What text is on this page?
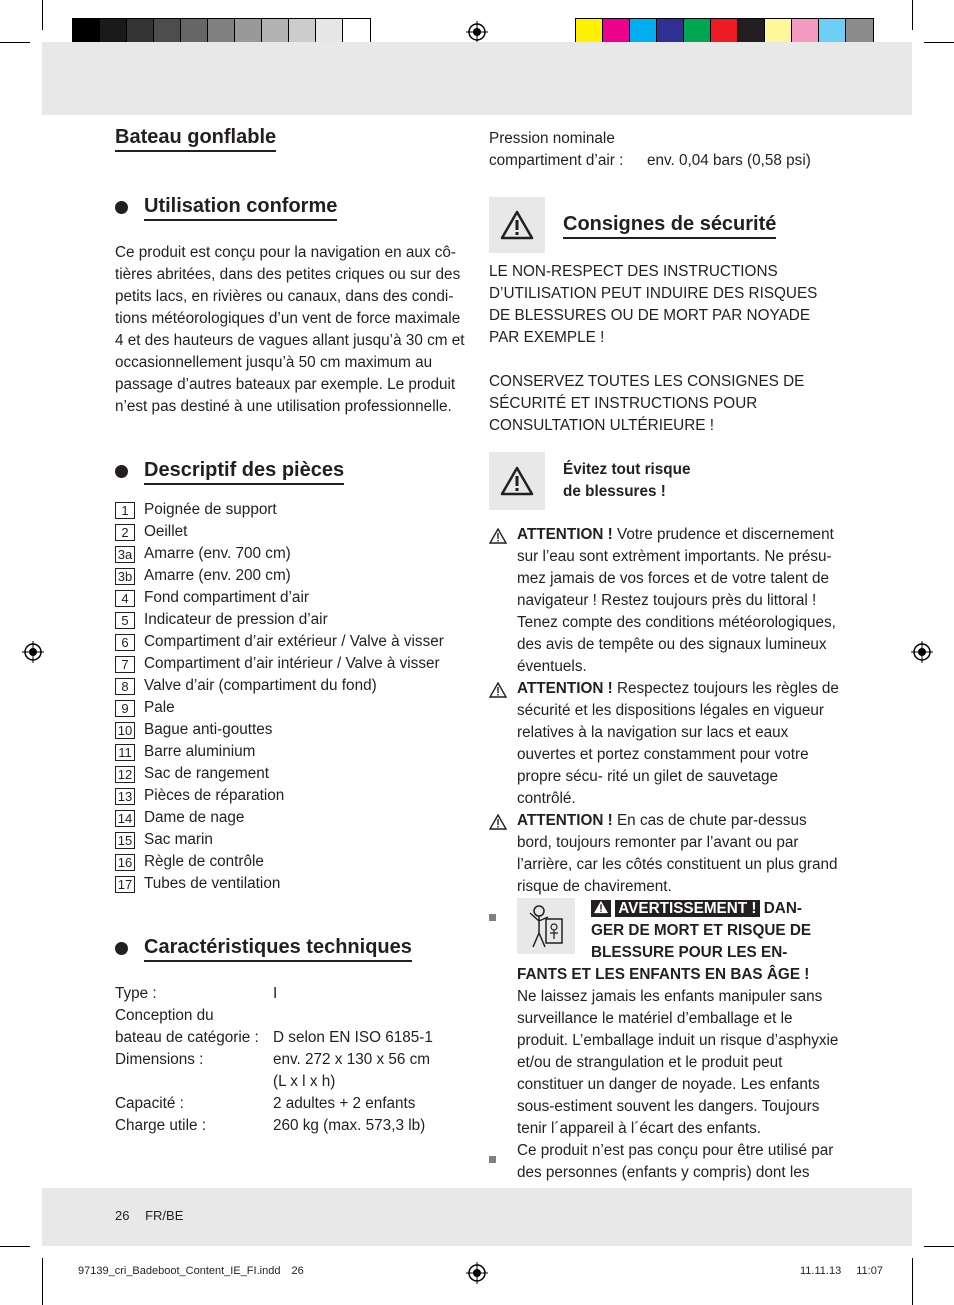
Bateau gonflable
Utilisation conforme

Ce produit est conçu pour la navigation en aux cô- tières abritées, dans des petites criques ou sur des petits lacs, en rivières ou canaux, dans des condi- tions météorologiques d’un vent de force maximale 4 et des hauteurs de vagues allant jusqu’à 30 cm et occasionnellement jusqu’à 50 cm maximum au passage d’autres bateaux par exemple. Le produit n’est pas destiné à une utilisation professionnelle.

Descriptif des pièces
1	Poignée de support
2	Oeillet
3a Amarre (env. 700 cm)
3b Amarre (env. 200 cm)
4	Fond compartiment d’air
5	Indicateur de pression d’air
6	Compartiment d’air extérieur / Valve à visser
7	Compartiment d’air intérieur / Valve à visser
8	Valve d’air (compartiment du fond)
9	Pale
10 Bague anti-gouttes
11 Barre aluminium
12 Sac de rangement
13 Pièces de réparation
14 Dame de nage
15 Sac marin
16 Règle de contrôle
17 Tubes de ventilation
Caractéristiques techniques
Type :	I
Conception du
bateau de catégorie : D selon EN ISO 6185-1
Dimensions :	env. 272 x 130 x 56 cm
(L x l x h)
Capacité :	2 adultes + 2 enfants
Charge utile :	260 kg (max. 573,3 lb)
Pression nominale
compartiment d’air :	env. 0,04 bars (0,58 psi)
Consignes de sécurité

LE NON-RESPECT DES INSTRUCTIONS D’UTILISATION PEUT INDUIRE DES RISQUES DE BLESSURES OU DE MORT PAR NOYADE PAR EXEMPLE !

CONSERVEZ TOUTES LES CONSIGNES DE SÉCURITÉ ET INSTRUCTIONS POUR CONSULTATION ULTÉRIEURE !

Évitez tout risque
de blessures !

ATTENTION ! Votre prudence et discernement sur l’eau sont extrèment importants. Ne présu- mez jamais de vos forces et de votre talent de navigateur ! Restez toujours près du littoral ! Tenez compte des conditions météorologiques, des avis de tempête ou des signaux lumineux éventuels.

ATTENTION ! Respectez toujours les règles de sécurité et les dispositions légales en vigueur relatives à la navigation sur lacs et eaux ouvertes et portez constamment pour votre propre sécu- rité un gilet de sauvetage contrôlé.

ATTENTION ! En cas de chute par-dessus bord, toujours remonter par l’avant ou par l’arrière, car les côtés constituent un plus grand risque de chavirement.

AVERTISSEMENT ! DAN-
GER DE MORT ET RISQUE DE
BLESSURE POUR LES EN-
FANTS ET LES ENFANTS EN BAS ÂGE !

Ne laissez jamais les enfants manipuler sans surveillance le matériel d’emballage et le produit. L’emballage induit un risque d’asphyxie et/ou de strangulation et le produit peut constituer un danger de noyade. Les enfants sous-estiment souvent les dangers. Toujours tenir l´appareil à l´écart des enfants.

Ce produit n’est pas conçu pour être utilisé par des personnes (enfants y compris) dont les

26 FR/BE
97139_cri_Badeboot_Content_IE_FI.indd 26	11.11.13 11:07
